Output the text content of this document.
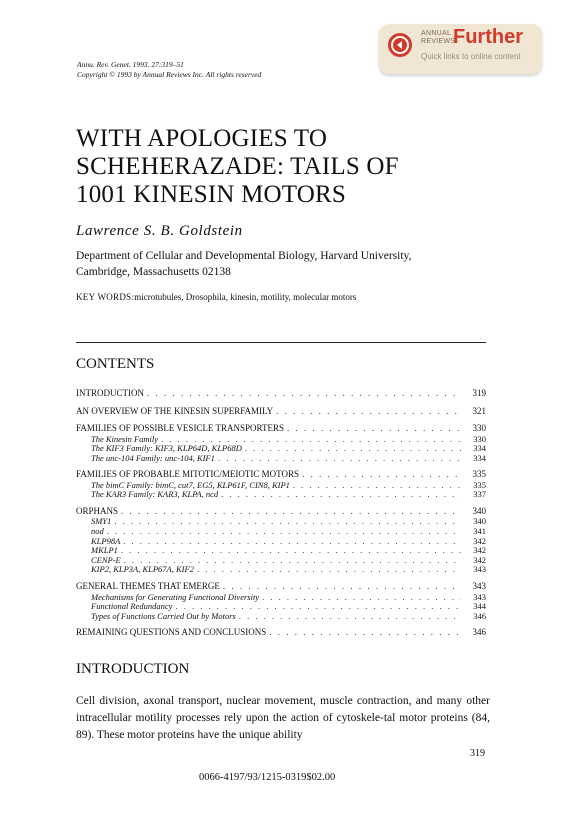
ANNUAL
REVIEWS
Further
Quick links to online content
Annu. Rev. Genet. 1993. 27:319–51
Copyright © 1993 by Annual Reviews Inc. All rights reserved
WITH APOLOGIES TO
SCHEHERAZADE: TAILS OF
1001 KINESIN MOTORS
Lawrence S. B. Goldstein
Department of Cellular and Developmental Biology, Harvard University,
Cambridge, Massachusetts 02138
KEY WORDS:microtubules, Drosophila, kinesin, motility, molecular motors
CONTENTS
INTRODUCTION . . .	319
AN OVERVIEW OF THE KINESIN SUPERFAMILY . . .	321
FAMILIES OF POSSIBLE VESICLE TRANSPORTERS . . .	330
The Kinesin Family . . .	330
The KIF3 Family: KIF3, KLP64D, KLP68D . . .	334
The unc-104 Family: unc-104, KIF1 . . .	334
FAMILIES OF PROBABLE MITOTIC/MEIOTIC MOTORS . . .	335
The bimC Family: bimC, cut7, EG5, KLP61F, CIN8, KIP1 . . .	335
The KAR3 Family: KAR3, KLPA, ncd . . .	337
ORPHANS . . .	340
SMY1 . . .	340
nod . . .	341
KLP98A . . .	342
MKLP1 . . .	342
CENP-E . . .	342
KIP2, KLP3A, KLP67A, KIF2 . . .	343
GENERAL THEMES THAT EMERGE . . .	343
Mechanisms for Generating Functional Diversity . . .	343
Functional Redundancy . . .	344
Types of Functions Carried Out by Motors . . .	346
REMAINING QUESTIONS AND CONCLUSIONS . . .	346
INTRODUCTION
Cell division, axonal transport, nuclear movement, muscle contraction, and many other intracellular motility processes rely upon the action of cytoskele-tal motor proteins (84, 89). These motor proteins have the unique ability
319
0066-4197/93/1215-0319$02.00
